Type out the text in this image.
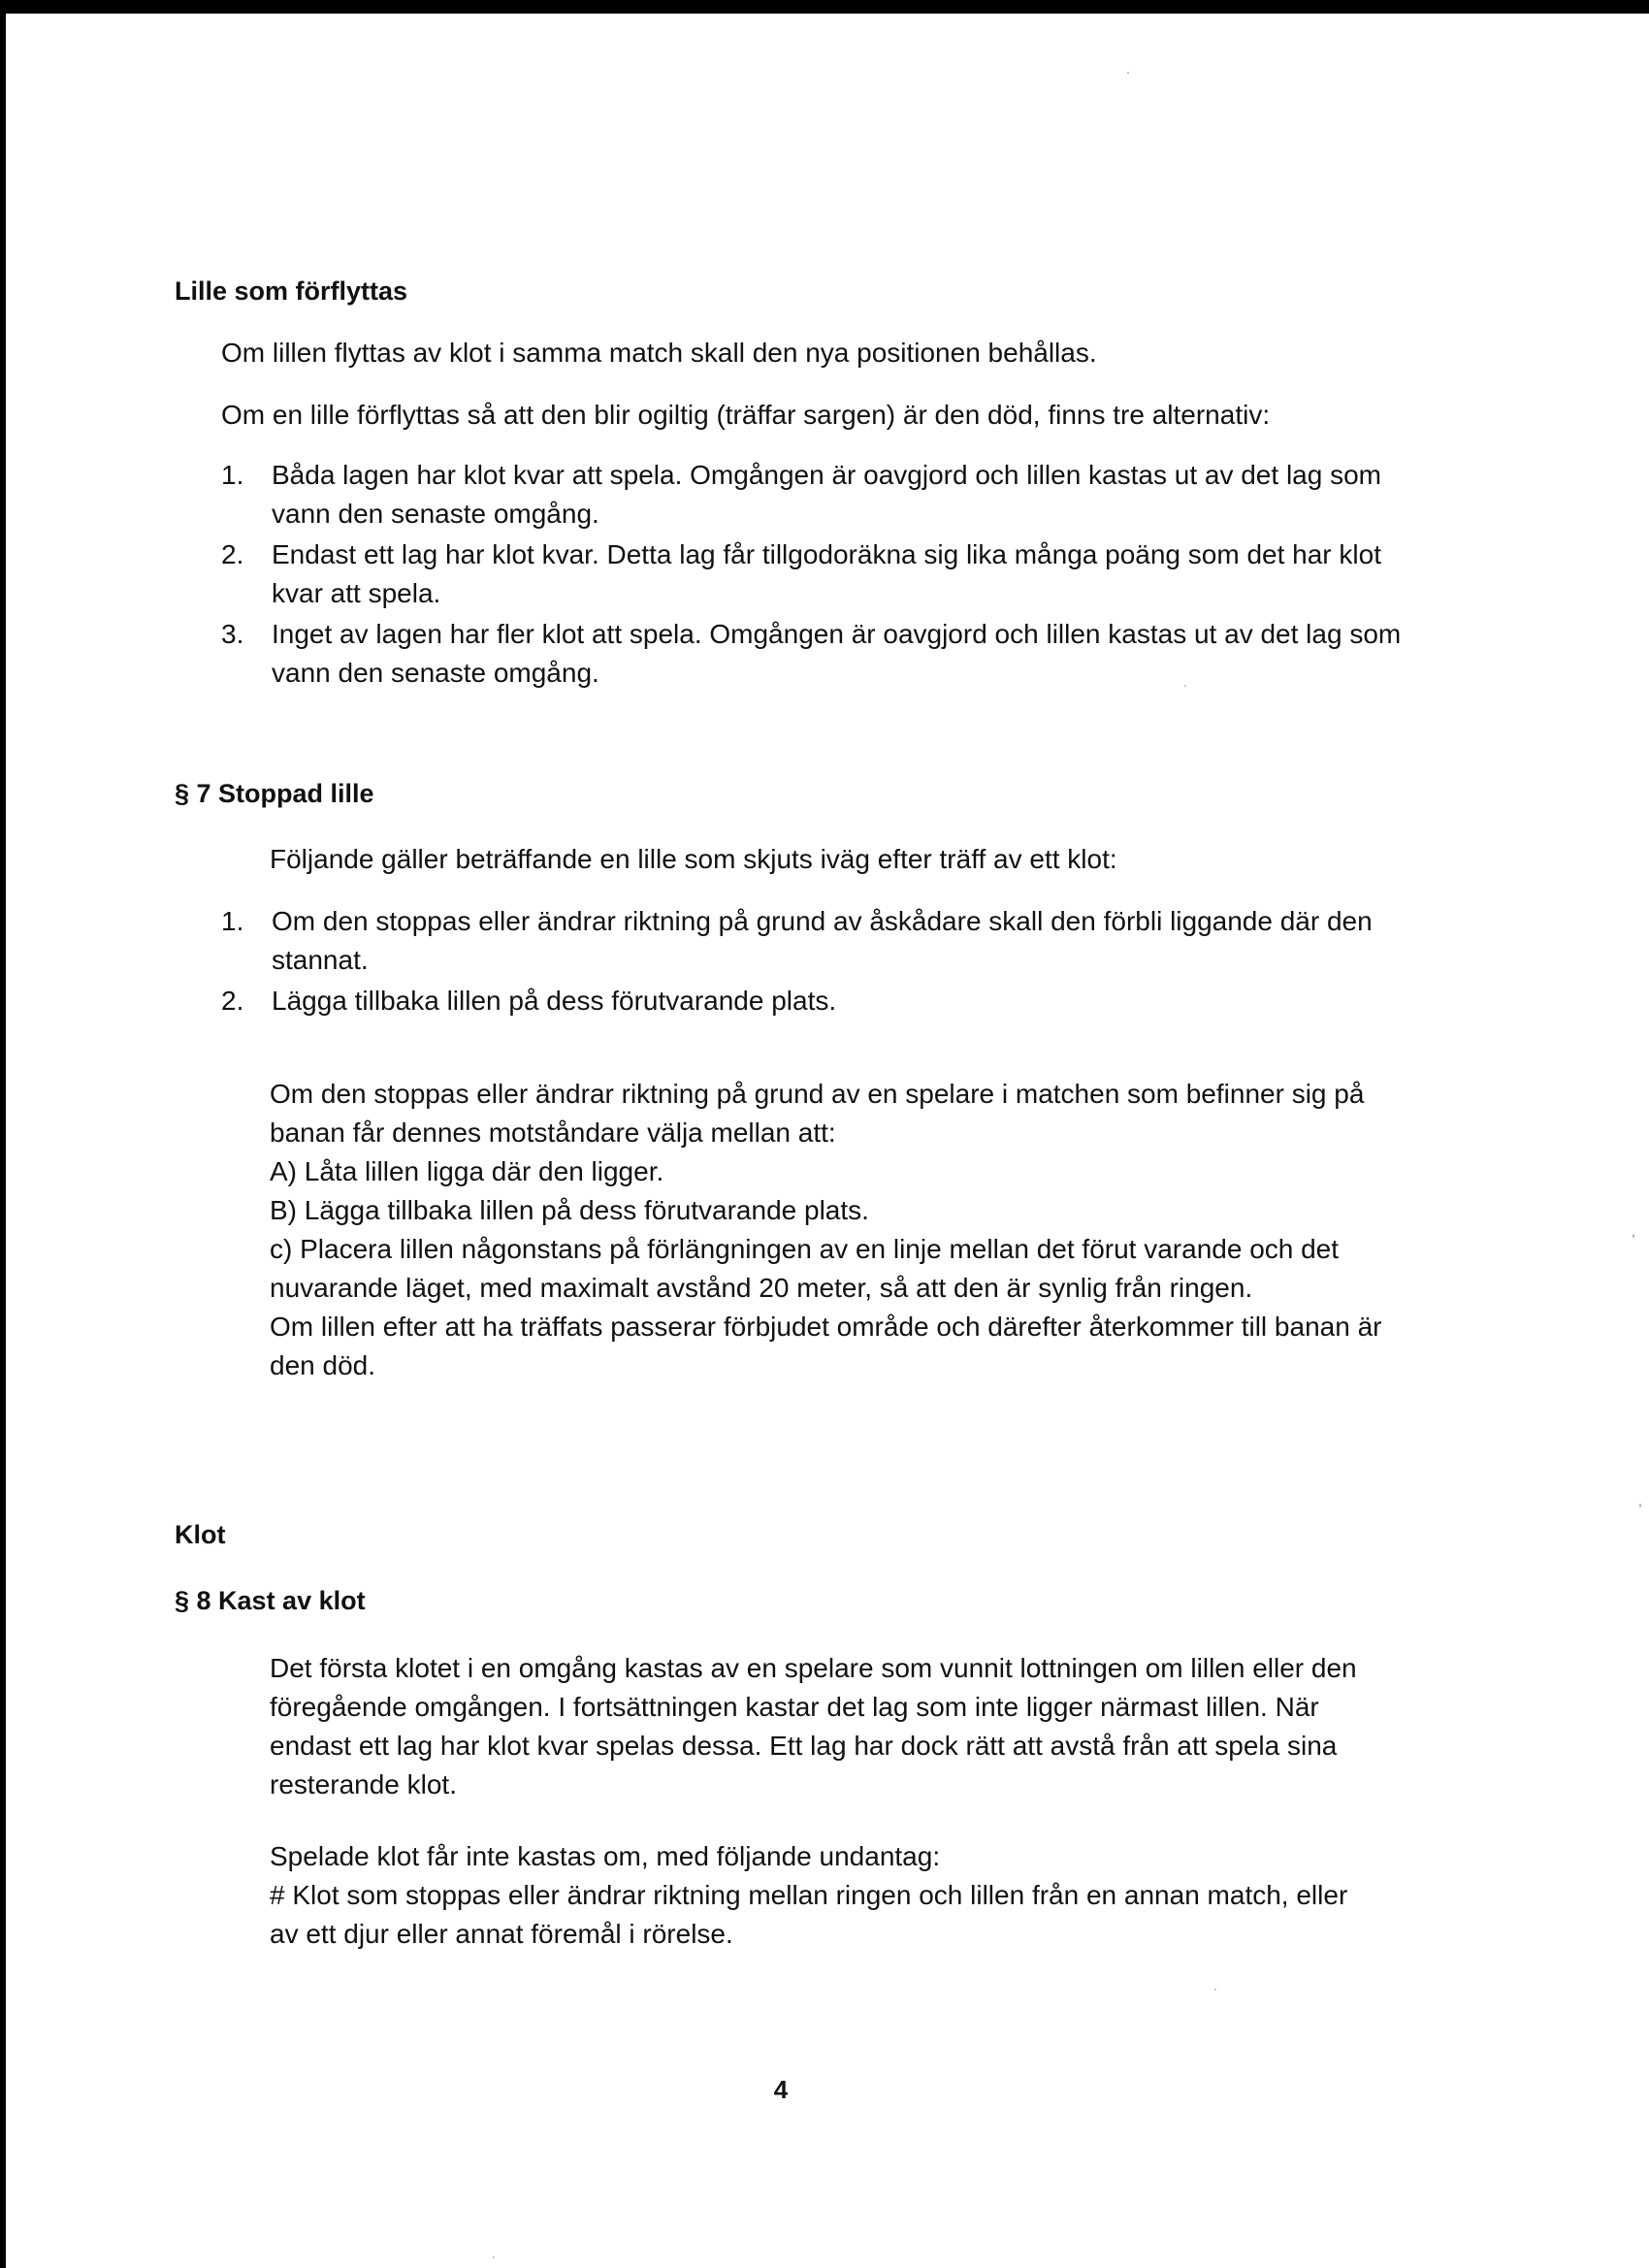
Lille som förflyttas

Om lillen flyttas av klot i samma match skall den nya positionen behållas.

Om en lille förflyttas så att den blir ogiltig (träffar sargen) är den död, finns tre alternativ:

1. Båda lagen har klot kvar att spela. Omgången är oavgjord och lillen kastas ut av det lag som vann den senaste omgång.
2. Endast ett lag har klot kvar. Detta lag får tillgodoräkna sig lika många poäng som det har klot kvar att spela.
3. Inget av lagen har fler klot att spela. Omgången är oavgjord och lillen kastas ut av det lag som vann den senaste omgång.
§ 7 Stoppad lille

Följande gäller beträffande en lille som skjuts iväg efter träff av ett klot:

1. Om den stoppas eller ändrar riktning på grund av åskådare skall den förbli liggande där den stannat.
2. Lägga tillbaka lillen på dess förutvarande plats.
Om den stoppas eller ändrar riktning på grund av en spelare i matchen som befinner sig på banan får dennes motståndare välja mellan att:
A) Låta lillen ligga där den ligger.
B) Lägga tillbaka lillen på dess förutvarande plats.
c) Placera lillen någonstans på förlängningen av en linje mellan det förut varande och det nuvarande läget, med maximalt avstånd 20 meter, så att den är synlig från ringen.
Om lillen efter att ha träffats passerar förbjudet område och därefter återkommer till banan är den död.
Klot
§ 8 Kast av klot

Det första klotet i en omgång kastas av en spelare som vunnit lottningen om lillen eller den föregående omgången. I fortsättningen kastar det lag som inte ligger närmast lillen. När endast ett lag har klot kvar spelas dessa. Ett lag har dock rätt att avstå från att spela sina resterande klot.

Spelade klot får inte kastas om, med följande undantag:
# Klot som stoppas eller ändrar riktning mellan ringen och lillen från en annan match, eller av ett djur eller annat föremål i rörelse.
4
